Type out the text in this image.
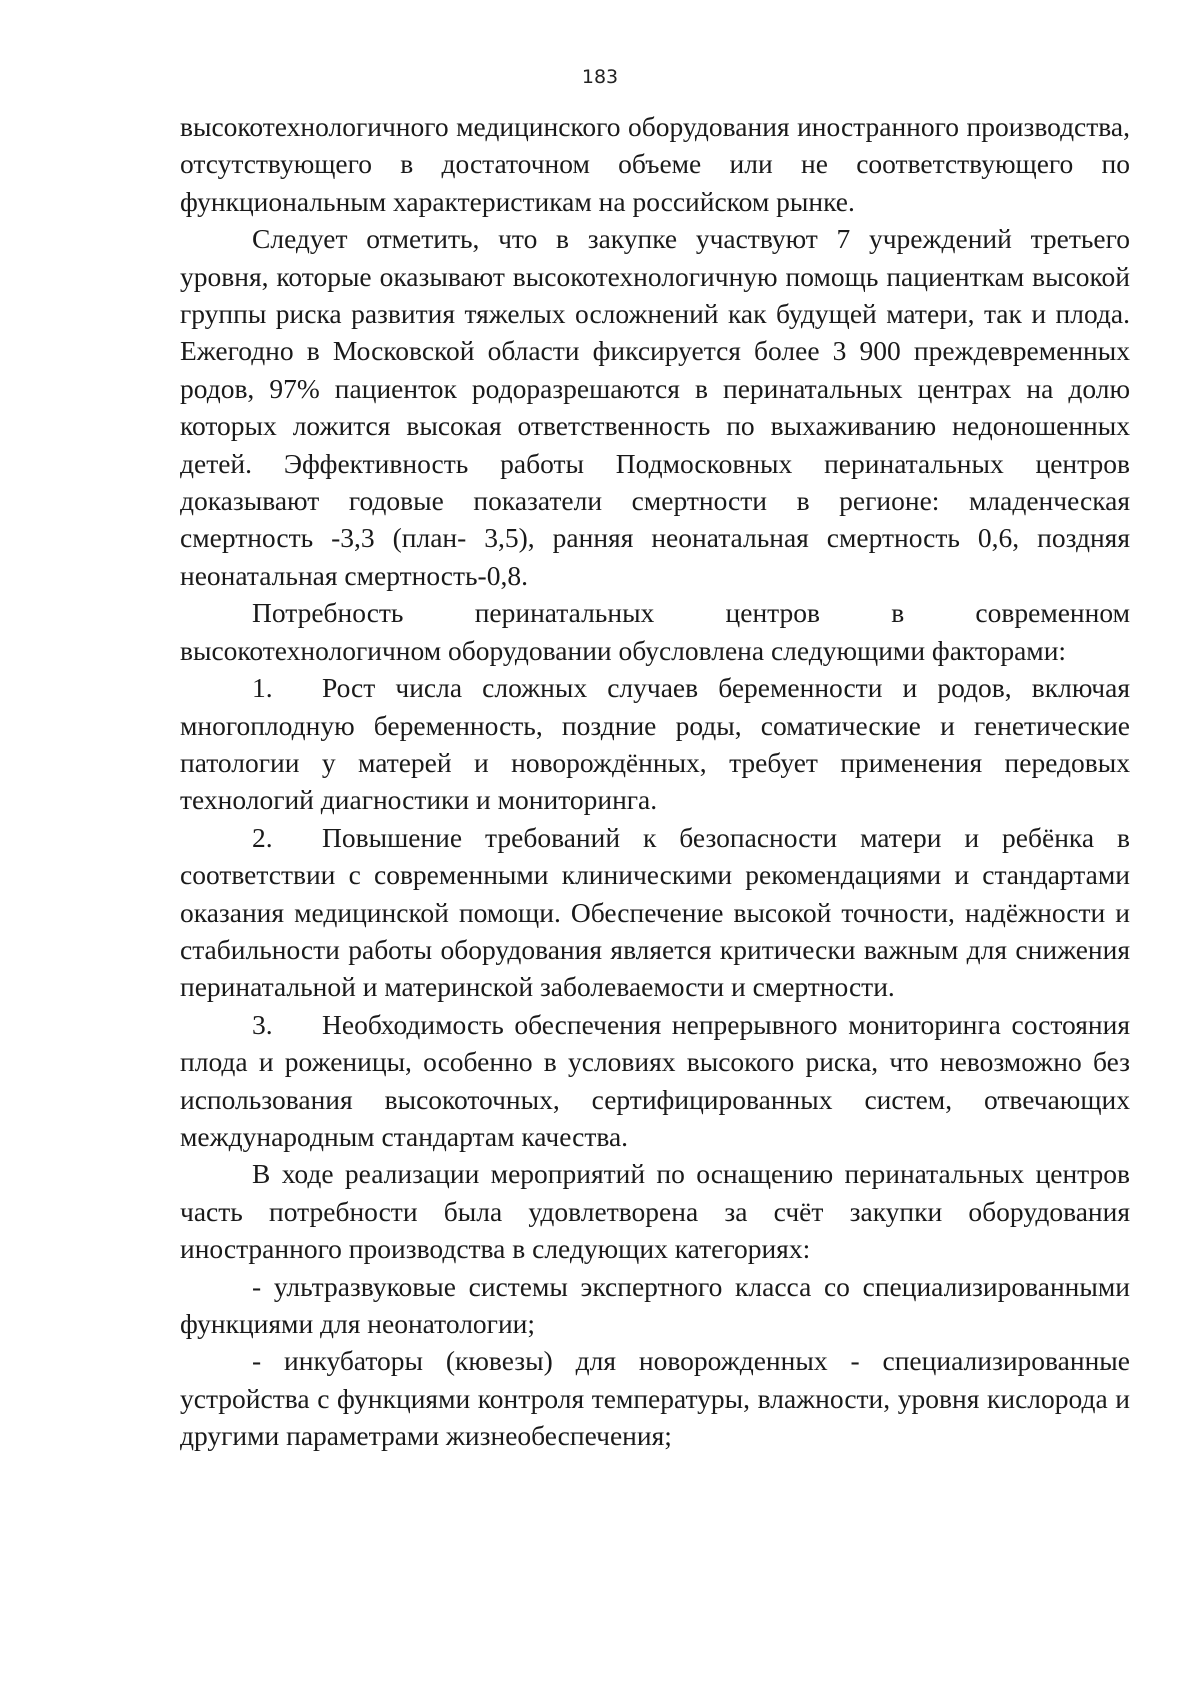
183

высокотехнологичного медицинского оборудования иностранного производства, отсутствующего в достаточном объеме или не соответствующего по функциональным характеристикам на российском рынке.

Следует отметить, что в закупке участвуют 7 учреждений третьего уровня, которые оказывают высокотехнологичную помощь пациенткам высокой группы риска развития тяжелых осложнений как будущей матери, так и плода. Ежегодно в Московской области фиксируется более 3 900 преждевременных родов, 97% пациенток родоразрешаются в перинатальных центрах на долю которых ложится высокая ответственность по выхаживанию недоношенных детей. Эффективность работы Подмосковных перинатальных центров доказывают годовые показатели смертности в регионе: младенческая смертность -3,3 (план- 3,5), ранняя неонатальная смертность 0,6, поздняя неонатальная смертность-0,8.

Потребность перинатальных центров в современном высокотехнологичном оборудовании обусловлена следующими факторами:

1. Рост числа сложных случаев беременности и родов, включая многоплодную беременность, поздние роды, соматические и генетические патологии у матерей и новорождённых, требует применения передовых технологий диагностики и мониторинга.

2. Повышение требований к безопасности матери и ребёнка в соответствии с современными клиническими рекомендациями и стандартами оказания медицинской помощи. Обеспечение высокой точности, надёжности и стабильности работы оборудования является критически важным для снижения перинатальной и материнской заболеваемости и смертности.

3. Необходимость обеспечения непрерывного мониторинга состояния плода и роженицы, особенно в условиях высокого риска, что невозможно без использования высокоточных, сертифицированных систем, отвечающих международным стандартам качества.

В ходе реализации мероприятий по оснащению перинатальных центров часть потребности была удовлетворена за счёт закупки оборудования иностранного производства в следующих категориях:

- ультразвуковые системы экспертного класса со специализированными функциями для неонатологии;

- инкубаторы (кювезы) для новорожденных - специализированные устройства с функциями контроля температуры, влажности, уровня кислорода и другими параметрами жизнеобеспечения;
